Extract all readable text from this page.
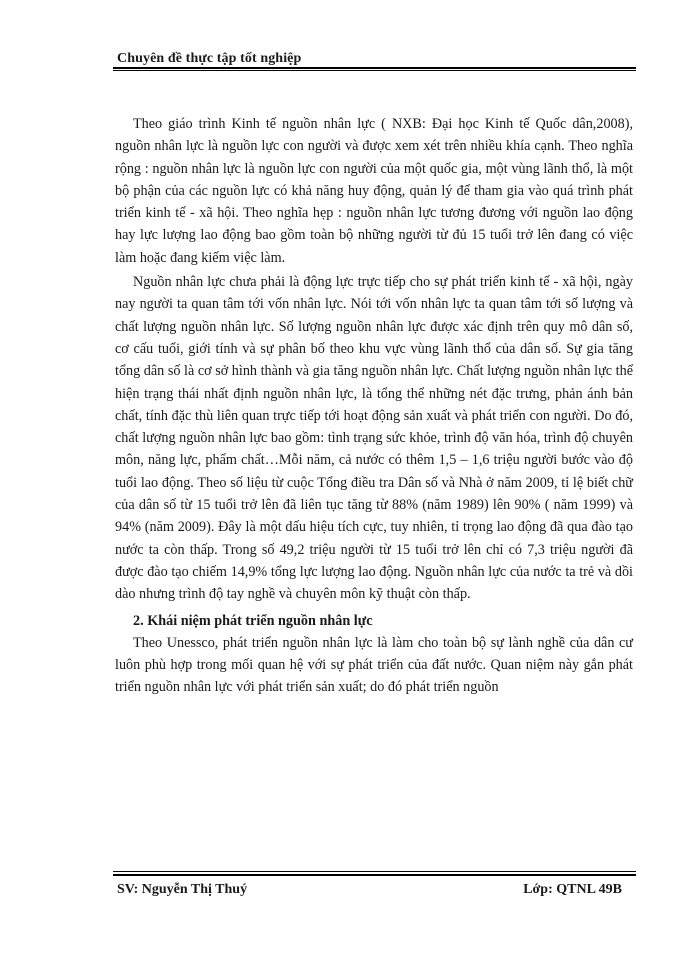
Chuyên đề thực tập tốt nghiệp

Theo giáo trình Kinh tế nguồn nhân lực ( NXB: Đại học Kinh tế Quốc dân,2008), nguồn nhân lực là nguồn lực con người và được xem xét trên nhiều khía cạnh. Theo nghĩa rộng : nguồn nhân lực là nguồn lực con người của một quốc gia, một vùng lãnh thổ, là một bộ phận của các nguồn lực có khả năng huy động, quản lý để tham gia vào quá trình phát triển kinh tế - xã hội. Theo nghĩa hẹp : nguồn nhân lực tương đương với nguồn lao động hay lực lượng lao động bao gồm toàn bộ những người từ đủ 15 tuổi trở lên đang có việc làm hoặc đang kiếm việc làm.

Nguồn nhân lực chưa phải là động lực trực tiếp cho sự phát triển kinh tế - xã hội, ngày nay người ta quan tâm tới vốn nhân lực. Nói tới vốn nhân lực ta quan tâm tới số lượng và chất lượng nguồn nhân lực. Số lượng nguồn nhân lực được xác định trên quy mô dân số, cơ cấu tuổi, giới tính và sự phân bố theo khu vực vùng lãnh thổ của dân số. Sự gia tăng tổng dân số là cơ sở hình thành và gia tăng nguồn nhân lực. Chất lượng nguồn nhân lực thể hiện trạng thái nhất định nguồn nhân lực, là tổng thể những nét đặc trưng, phản ánh bản chất, tính đặc thù liên quan trực tiếp tới hoạt động sản xuất và phát triển con người. Do đó, chất lượng nguồn nhân lực bao gồm: tình trạng sức khỏe, trình độ văn hóa, trình độ chuyên môn, năng lực, phẩm chất…Mỗi năm, cả nước có thêm 1,5 – 1,6 triệu người bước vào độ tuổi lao động. Theo số liệu từ cuộc Tổng điều tra Dân số và Nhà ở năm 2009, tỉ lệ biết chữ của dân số từ 15 tuổi trở lên đã liên tục tăng từ 88% (năm 1989) lên 90% ( năm 1999) và 94% (năm 2009). Đây là một dấu hiệu tích cực, tuy nhiên, tỉ trọng lao động đã qua đào tạo nước ta còn thấp. Trong số 49,2 triệu người từ 15 tuổi trở lên chỉ có 7,3 triệu người đã được đào tạo chiếm 14,9% tổng lực lượng lao động. Nguồn nhân lực của nước ta trẻ và dồi dào nhưng trình độ tay nghề và chuyên môn kỹ thuật còn thấp.

2. Khái niệm phát triển nguồn nhân lực

Theo Unessco, phát triển nguồn nhân lực là làm cho toàn bộ sự lành nghề của dân cư luôn phù hợp trong mối quan hệ với sự phát triển của đất nước. Quan niệm này gắn phát triển nguồn nhân lực với phát triển sản xuất; do đó phát triển nguồn

SV: Nguyễn Thị Thuý	Lớp: QTNL 49B
